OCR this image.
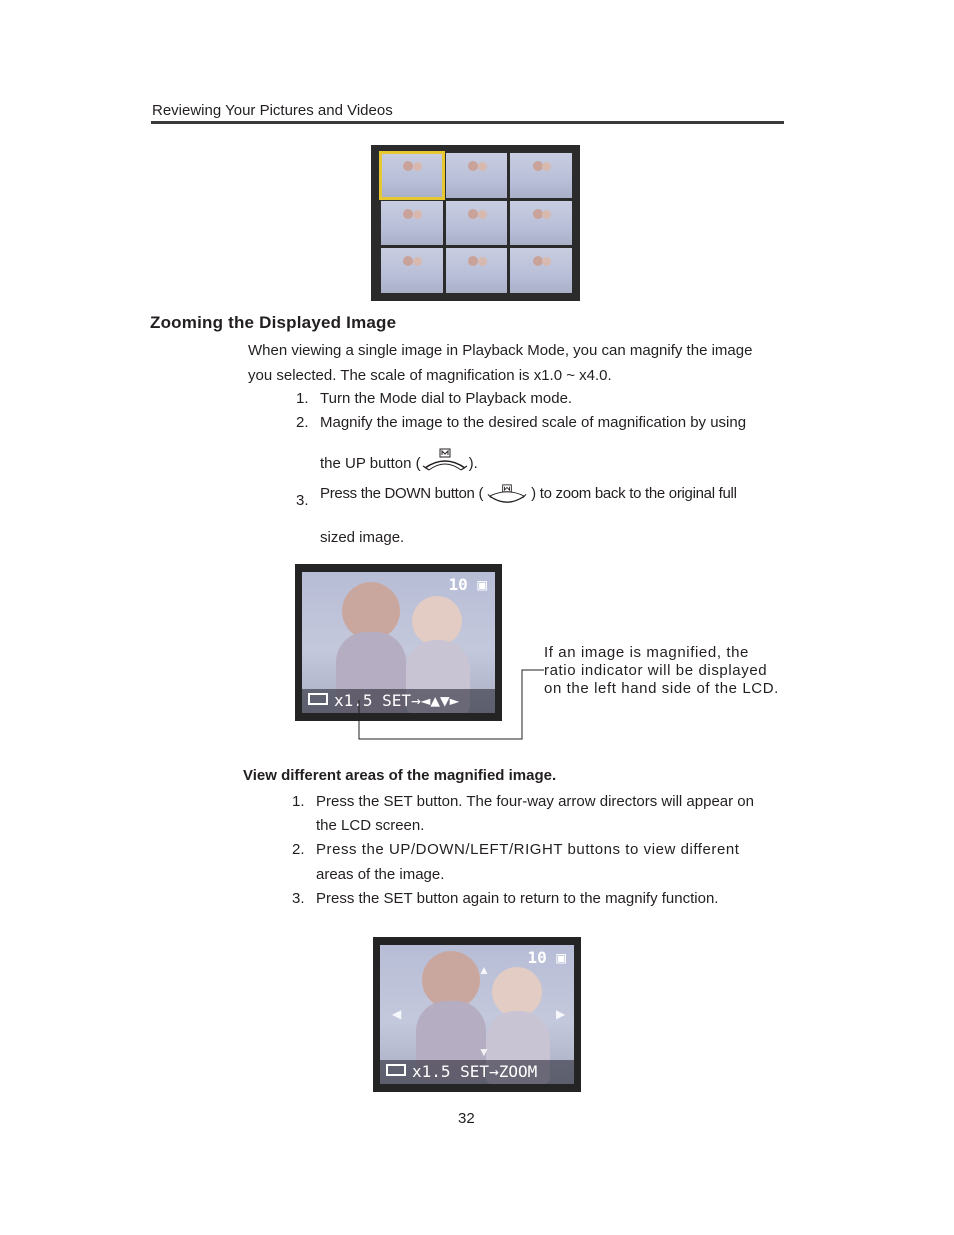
Reviewing Your Pictures and Videos
Zooming the Displayed Image

When viewing a single image in Playback Mode, you can magnify the image

you selected. The scale of magnification is x1.0 ~ x4.0.

1. Turn the Mode dial to Playback mode.
2. Magnify the image to the desired scale of magnification by using
the UP button (	).
3. Press the DOWN button (	) to zoom back to the original full
sized image.
10 ▣
x1.5 SET→◄▲▼►
If an image is magnified, the
ratio indicator will be displayed
on the left hand side of the LCD.
View different areas of the magnified image.
1. Press the SET button. The four-way arrow directors will appear on
the LCD screen.
2. Press the UP/DOWN/LEFT/RIGHT buttons to view different
areas of the image.
3. Press the SET button again to return to the magnify function.
▲
▼
◀	▶
10 ▣
x1.5 SET→ZOOM
32
